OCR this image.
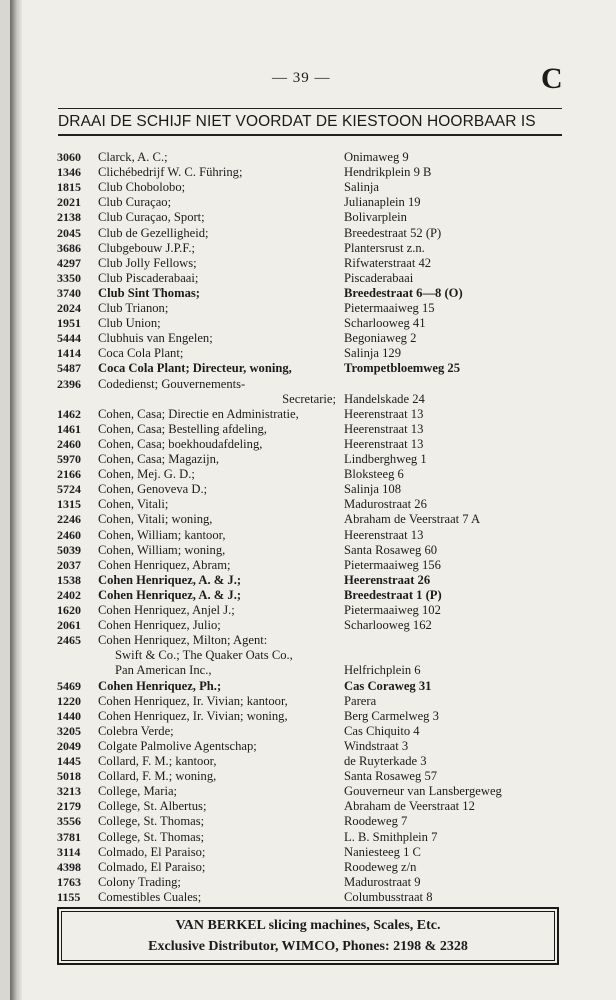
— 39 —	C
DRAAI DE SCHIJF NIET VOORDAT DE KIESTOON HOORBAAR IS
3060	Clarck, A. C.;	Onimaweg 9
1346	Clichébedrijf W. C. Führing;	Hendrikplein 9 B
1815	Club Chobolobo;	Salinja
2021	Club Curaçao;	Julianaplein 19
2138	Club Curaçao, Sport;	Bolivarplein
2045	Club de Gezelligheid;	Breedestraat 52 (P)
3686	Clubgebouw J.P.F.;	Plantersrust z.n.
4297	Club Jolly Fellows;	Rifwaterstraat 42
3350	Club Piscaderabaai;	Piscaderabaai
3740	Club Sint Thomas;	Breedestraat 6—8 (O)
2024	Club Trianon;	Pietermaaiweg 15
1951	Club Union;	Scharlooweg 41
5444	Clubhuis van Engelen;	Begoniaweg 2
1414	Coca Cola Plant;	Salinja 129
5487	Coca Cola Plant; Directeur, woning,	Trompetbloemweg 25
2396	Codedienst; Gouvernements-
Secretarie; Handelskade 24
1462	Cohen, Casa; Directie en Administratie,	Heerenstraat 13
1461	Cohen, Casa; Bestelling afdeling,	Heerenstraat 13
2460	Cohen, Casa; boekhoudafdeling,	Heerenstraat 13
5970	Cohen, Casa; Magazijn,	Lindberghweg 1
2166	Cohen, Mej. G. D.;	Bloksteeg 6
5724	Cohen, Genoveva D.;	Salinja 108
1315	Cohen, Vitali;	Madurostraat 26
2246	Cohen, Vitali; woning,	Abraham de Veerstraat 7 A
2460	Cohen, William; kantoor,	Heerenstraat 13
5039	Cohen, William; woning,	Santa Rosaweg 60
2037	Cohen Henriquez, Abram;	Pietermaaiweg 156
1538	Cohen Henriquez, A. & J.;	Heerenstraat 26
2402	Cohen Henriquez, A. & J.;	Breedestraat 1 (P)
1620	Cohen Henriquez, Anjel J.;	Pietermaaiweg 102
2061	Cohen Henriquez, Julio;	Scharlooweg 162
2465	Cohen Henriquez, Milton; Agent:
Swift & Co.; The Quaker Oats Co.,
Pan American Inc.,	Helfrichplein 6
5469	Cohen Henriquez, Ph.;	Cas Coraweg 31
1220	Cohen Henriquez, Ir. Vivian; kantoor,	Parera
1440	Cohen Henriquez, Ir. Vivian; woning,	Berg Carmelweg 3
3205	Colebra Verde;	Cas Chiquito 4
2049	Colgate Palmolive Agentschap;	Windstraat 3
1445	Collard, F. M.; kantoor,	de Ruyterkade 3
5018	Collard, F. M.; woning,	Santa Rosaweg 57
3213	College, Maria;	Gouverneur van Lansbergeweg
2179	College, St. Albertus;	Abraham de Veerstraat 12
3556	College, St. Thomas;	Roodeweg 7
3781	College, St. Thomas;	L. B. Smithplein 7
3114	Colmado, El Paraiso;	Naniesteeg 1 C
4398	Colmado, El Paraiso;	Roodeweg z/n
1763	Colony Trading;	Madurostraat 9
1155	Comestibles Cuales;	Columbusstraat 8
VAN BERKEL slicing machines, Scales, Etc.
Exclusive Distributor, WIMCO, Phones: 2198 & 2328
